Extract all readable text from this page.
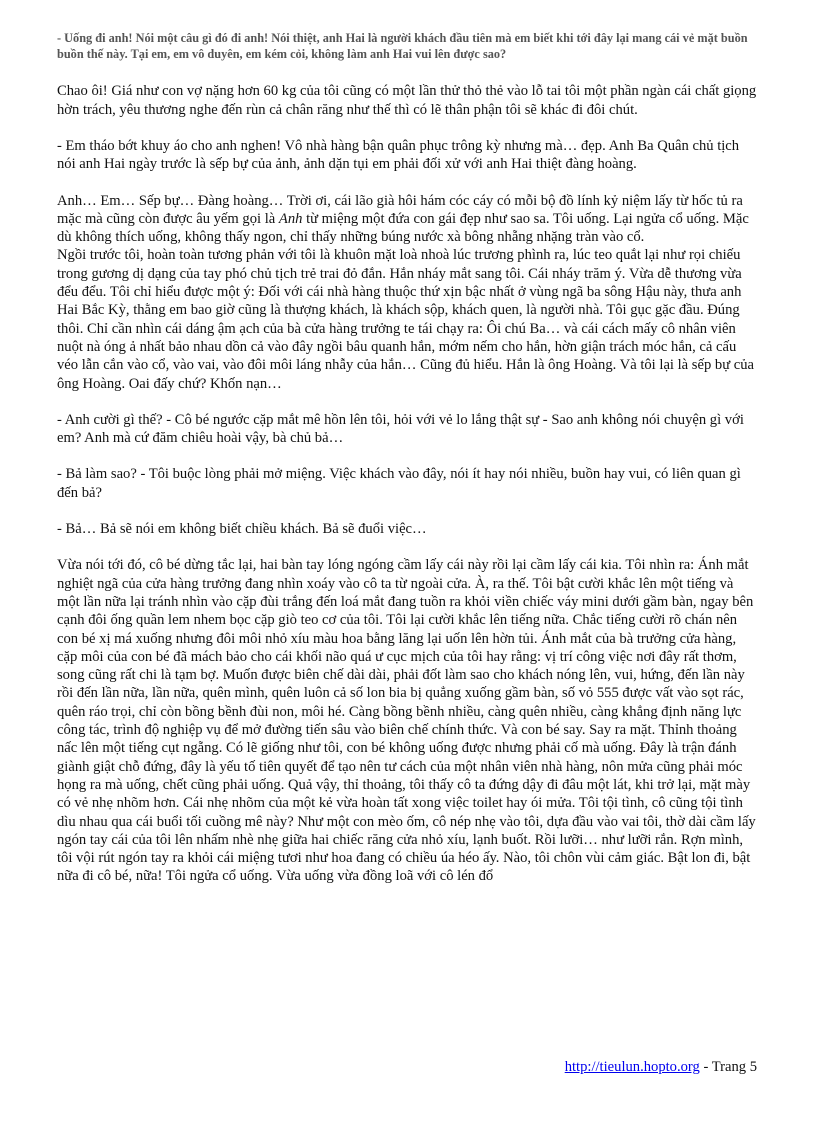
- Uống đi anh! Nói một câu gì đó đi anh! Nói thiệt, anh Hai là người khách đầu tiên mà em biết khi tới đây lại mang cái vẻ mặt buồn buồn thế này. Tại em, em vô duyên, em kém cỏi, không làm anh Hai vui lên được sao?

Chao ôi! Giá như con vợ nặng hơn 60 kg của tôi cũng có một lần thử thỏ thẻ vào lỗ tai tôi một phần ngàn cái chất giọng hờn trách, yêu thương nghe đến rùn cả chân răng như thế thì có lẽ thân phận tôi sẽ khác đi đôi chút.

- Em tháo bớt khuy áo cho anh nghen! Vô nhà hàng bận quân phục trông kỳ nhưng mà… đẹp. Anh Ba Quân chủ tịch nói anh Hai ngày trước là sếp bự của ảnh, ảnh dặn tụi em phải đối xử với anh Hai thiệt đàng hoàng.

Anh… Em… Sếp bự… Đàng hoàng… Trời ơi, cái lão già hôi hám cóc cáy có mỗi bộ đồ lính kỷ niệm lấy từ hốc tủ ra mặc mà cũng còn được âu yếm gọi là Anh từ miệng một đứa con gái đẹp như sao sa. Tôi uống. Lại ngửa cổ uống. Mặc dù không thích uống, không thấy ngon, chỉ thấy những búng nước xà bông nhẵng nhặng tràn vào cổ.

Ngồi trước tôi, hoàn toàn tương phản với tôi là khuôn mặt loà nhoà lúc trương phình ra, lúc teo quắt lại như rọi chiếu trong gương dị dạng của tay phó chủ tịch trẻ trai đỏ đắn. Hắn nháy mắt sang tôi. Cái nháy trăm ý. Vừa dễ thương vừa đểu đểu. Tôi chỉ hiểu được một ý: Đối với cái nhà hàng thuộc thứ xịn bậc nhất ở vùng ngã ba sông Hậu này, thưa anh Hai Bắc Kỳ, thằng em bao giờ cũng là thượng khách, là khách sộp, khách quen, là người nhà. Tôi gục gặc đầu. Đúng thôi. Chỉ cần nhìn cái dáng ậm ạch của bà cửa hàng trưởng te tái chạy ra: Ôi chú Ba… và cái cách mấy cô nhân viên nuột nà óng ả nhất bảo nhau dồn cả vào đây ngồi bâu quanh hắn, mớm nếm cho hắn, hờn giận trách móc hắn, cả cấu véo lẫn cắn vào cổ, vào vai, vào đôi môi láng nhẫy của hắn… Cũng đủ hiểu. Hắn là ông Hoàng. Và tôi lại là sếp bự của ông Hoàng. Oai đấy chứ? Khốn nạn…

- Anh cười gì thế? - Cô bé ngước cặp mắt mê hồn lên tôi, hỏi với vẻ lo lắng thật sự - Sao anh không nói chuyện gì với em? Anh mà cứ đăm chiêu hoài vậy, bà chủ bả…

- Bả làm sao? - Tôi buộc lòng phải mở miệng. Việc khách vào đây, nói ít hay nói nhiều, buồn hay vui, có liên quan gì đến bả?

- Bả… Bả sẽ nói em không biết chiều khách. Bả sẽ đuổi việc…

Vừa nói tới đó, cô bé dừng tắc lại, hai bàn tay lóng ngóng cầm lấy cái này rồi lại cầm lấy cái kia. Tôi nhìn ra: Ánh mắt nghiệt ngã của cửa hàng trưởng đang nhìn xoáy vào cô ta từ ngoài cửa. À, ra thế. Tôi bật cười khắc lên một tiếng và một lần nữa lại tránh nhìn vào cặp đùi trắng đến loá mắt đang tuồn ra khỏi viền chiếc váy mini dưới gầm bàn, ngay bên cạnh đôi ống quần lem nhem bọc cặp giò teo cơ của tôi. Tôi lại cười khắc lên tiếng nữa. Chắc tiếng cười rõ chán nên con bé xị má xuống nhưng đôi môi nhỏ xíu màu hoa bằng lăng lại uốn lên hờn tủi. Ánh mắt của bà trưởng cửa hàng, cặp môi của con bé đã mách bảo cho cái khối não quá ư cục mịch của tôi hay rằng: vị trí công việc nơi đây rất thơm, song cũng rất chi là tạm bợ. Muốn được biên chế dài dài, phải đốt làm sao cho khách nóng lên, vui, hứng, đến lần này rồi đến lần nữa, lần nữa, quên mình, quên luôn cả số lon bia bị quẳng xuống gầm bàn, số vỏ 555 được vất vào sọt rác, quên ráo trọi, chỉ còn bồng bềnh đùi non, môi hé. Càng bồng bềnh nhiều, càng quên nhiều, càng khẳng định năng lực công tác, trình độ nghiệp vụ để mở đường tiến sâu vào biên chế chính thức. Và con bé say. Say ra mặt. Thỉnh thoảng nấc lên một tiếng cụt ngẵng. Có lẽ giống như tôi, con bé không uống được nhưng phải cố mà uống. Đây là trận đánh giành giật chỗ đứng, đây là yếu tố tiên quyết để tạo nên tư cách của một nhân viên nhà hàng, nôn mửa cũng phải móc họng ra mà uống, chết cũng phải uống. Quả vậy, thỉ thoảng, tôi thấy cô ta đứng dậy đi đâu một lát, khi trở lại, mặt mày có vẻ nhẹ nhõm hơn. Cái nhẹ nhõm của một kẻ vừa hoàn tất xong việc toilet hay ói mửa. Tôi tội tình, cô cũng tội tình dìu nhau qua cái buổi tối cuồng mê này? Như một con mèo ốm, cô nép nhẹ vào tôi, dựa đầu vào vai tôi, thờ dài cầm lấy ngón tay cái của tôi lên nhấm nhè nhẹ giữa hai chiếc răng cửa nhỏ xíu, lạnh buốt. Rồi lưỡi… như lưỡi rắn. Rợn mình, tôi vội rút ngón tay ra khỏi cái miệng tươi như hoa đang có chiều úa héo ấy. Nào, tôi chôn vùi cảm giác. Bật lon đi, bật nữa đi cô bé, nữa! Tôi ngửa cổ uống. Vừa uống vừa đồng loã với cô lén đổ

http://tieulun.hopto.org - Trang 5
